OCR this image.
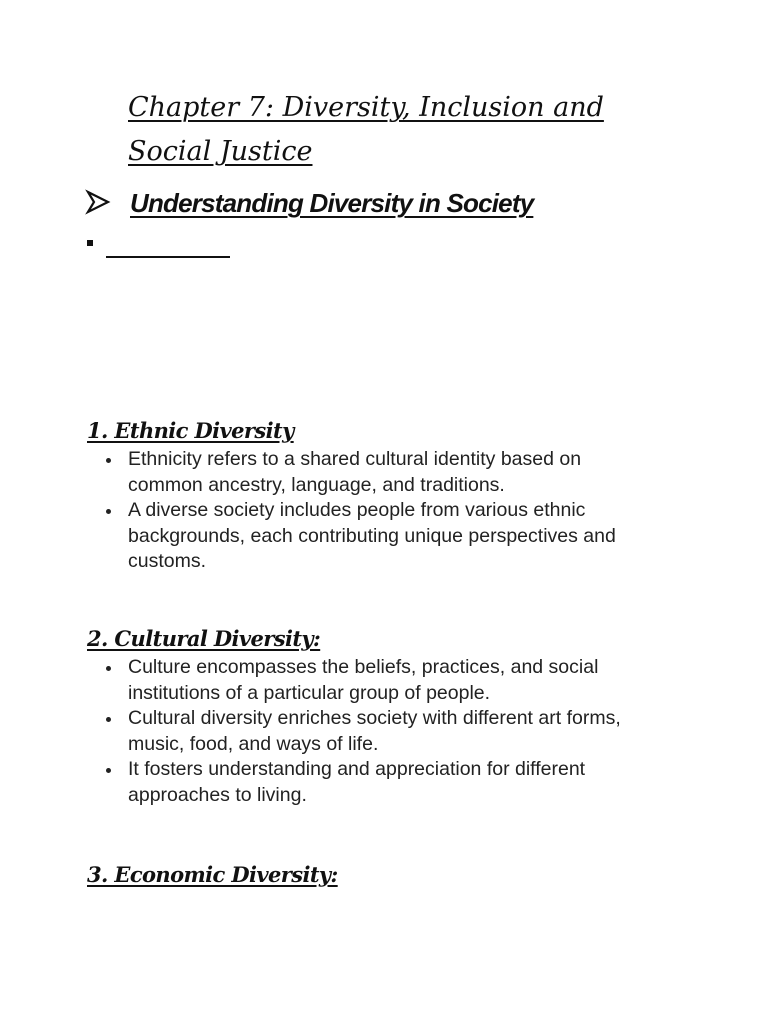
Chapter 7: Diversity, Inclusion and Social Justice
Understanding Diversity in Society
1. Ethnic Diversity
Ethnicity refers to a shared cultural identity based on common ancestry, language, and traditions.
A diverse society includes people from various ethnic backgrounds, each contributing unique perspectives and customs.
2. Cultural Diversity:
Culture encompasses the beliefs, practices, and social institutions of a particular group of people.
Cultural diversity enriches society with different art forms, music, food, and ways of life.
It fosters understanding and appreciation for different approaches to living.
3. Economic Diversity:
